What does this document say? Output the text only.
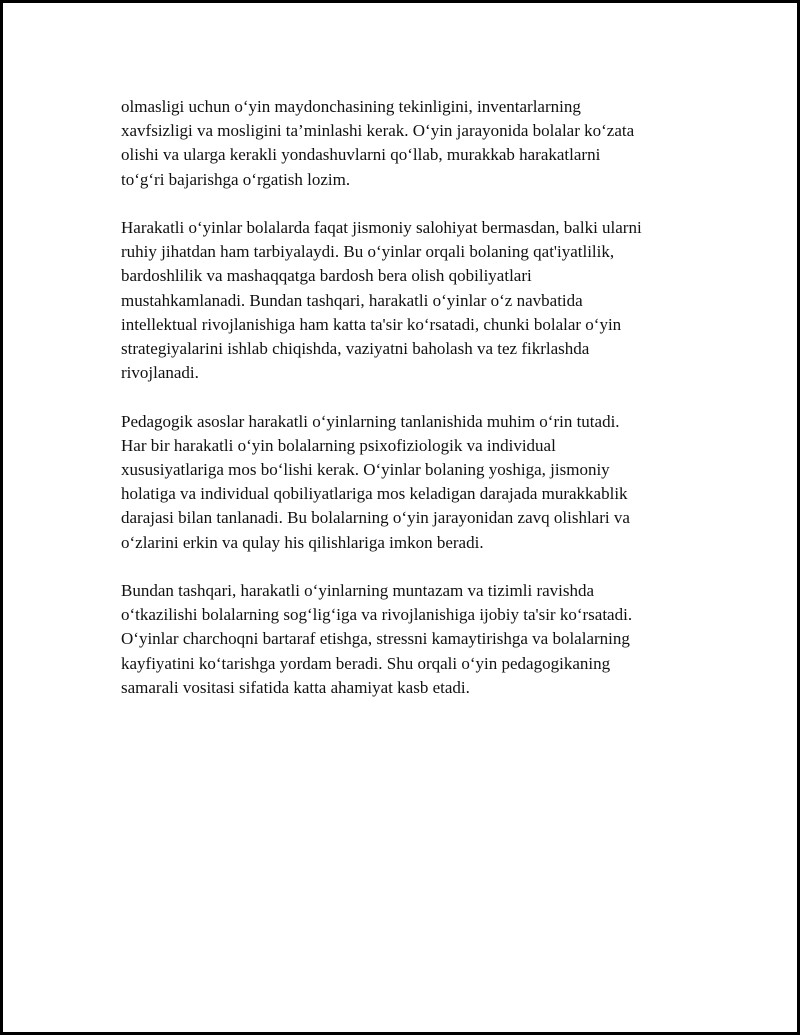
olmasligi uchun o‘yin maydonchasining tekinligini, inventarlarning
xavfsizligi va mosligini ta’minlashi kerak. O‘yin jarayonida bolalar ko‘zata
olishi va ularga kerakli yondashuvlarni qo‘llab, murakkab harakatlarni
to‘g‘ri bajarishga o‘rgatish lozim.

Harakatli o‘yinlar bolalarda faqat jismoniy salohiyat bermasdan, balki ularni
ruhiy jihatdan ham tarbiyalaydi. Bu o‘yinlar orqali bolaning qat'iyatlilik,
bardoshlilik va mashaqqatga bardosh bera olish qobiliyatlari
mustahkamlanadi. Bundan tashqari, harakatli o‘yinlar o‘z navbatida
intellektual rivojlanishiga ham katta ta'sir ko‘rsatadi, chunki bolalar o‘yin
strategiyalarini ishlab chiqishda, vaziyatni baholash va tez fikrlashda
rivojlanadi.

Pedagogik asoslar harakatli o‘yinlarning tanlanishida muhim o‘rin tutadi.
Har bir harakatli o‘yin bolalarning psixofiziologik va individual
xususiyatlariga mos bo‘lishi kerak. O‘yinlar bolaning yoshiga, jismoniy
holatiga va individual qobiliyatlariga mos keladigan darajada murakkablik
darajasi bilan tanlanadi. Bu bolalarning o‘yin jarayonidan zavq olishlari va
o‘zlarini erkin va qulay his qilishlariga imkon beradi.

Bundan tashqari, harakatli o‘yinlarning muntazam va tizimli ravishda
o‘tkazilishi bolalarning sog‘lig‘iga va rivojlanishiga ijobiy ta'sir ko‘rsatadi.
O‘yinlar charchoqni bartaraf etishga, stressni kamaytirishga va bolalarning
kayfiyatini ko‘tarishga yordam beradi. Shu orqali o‘yin pedagogikaning
samarali vositasi sifatida katta ahamiyat kasb etadi.
